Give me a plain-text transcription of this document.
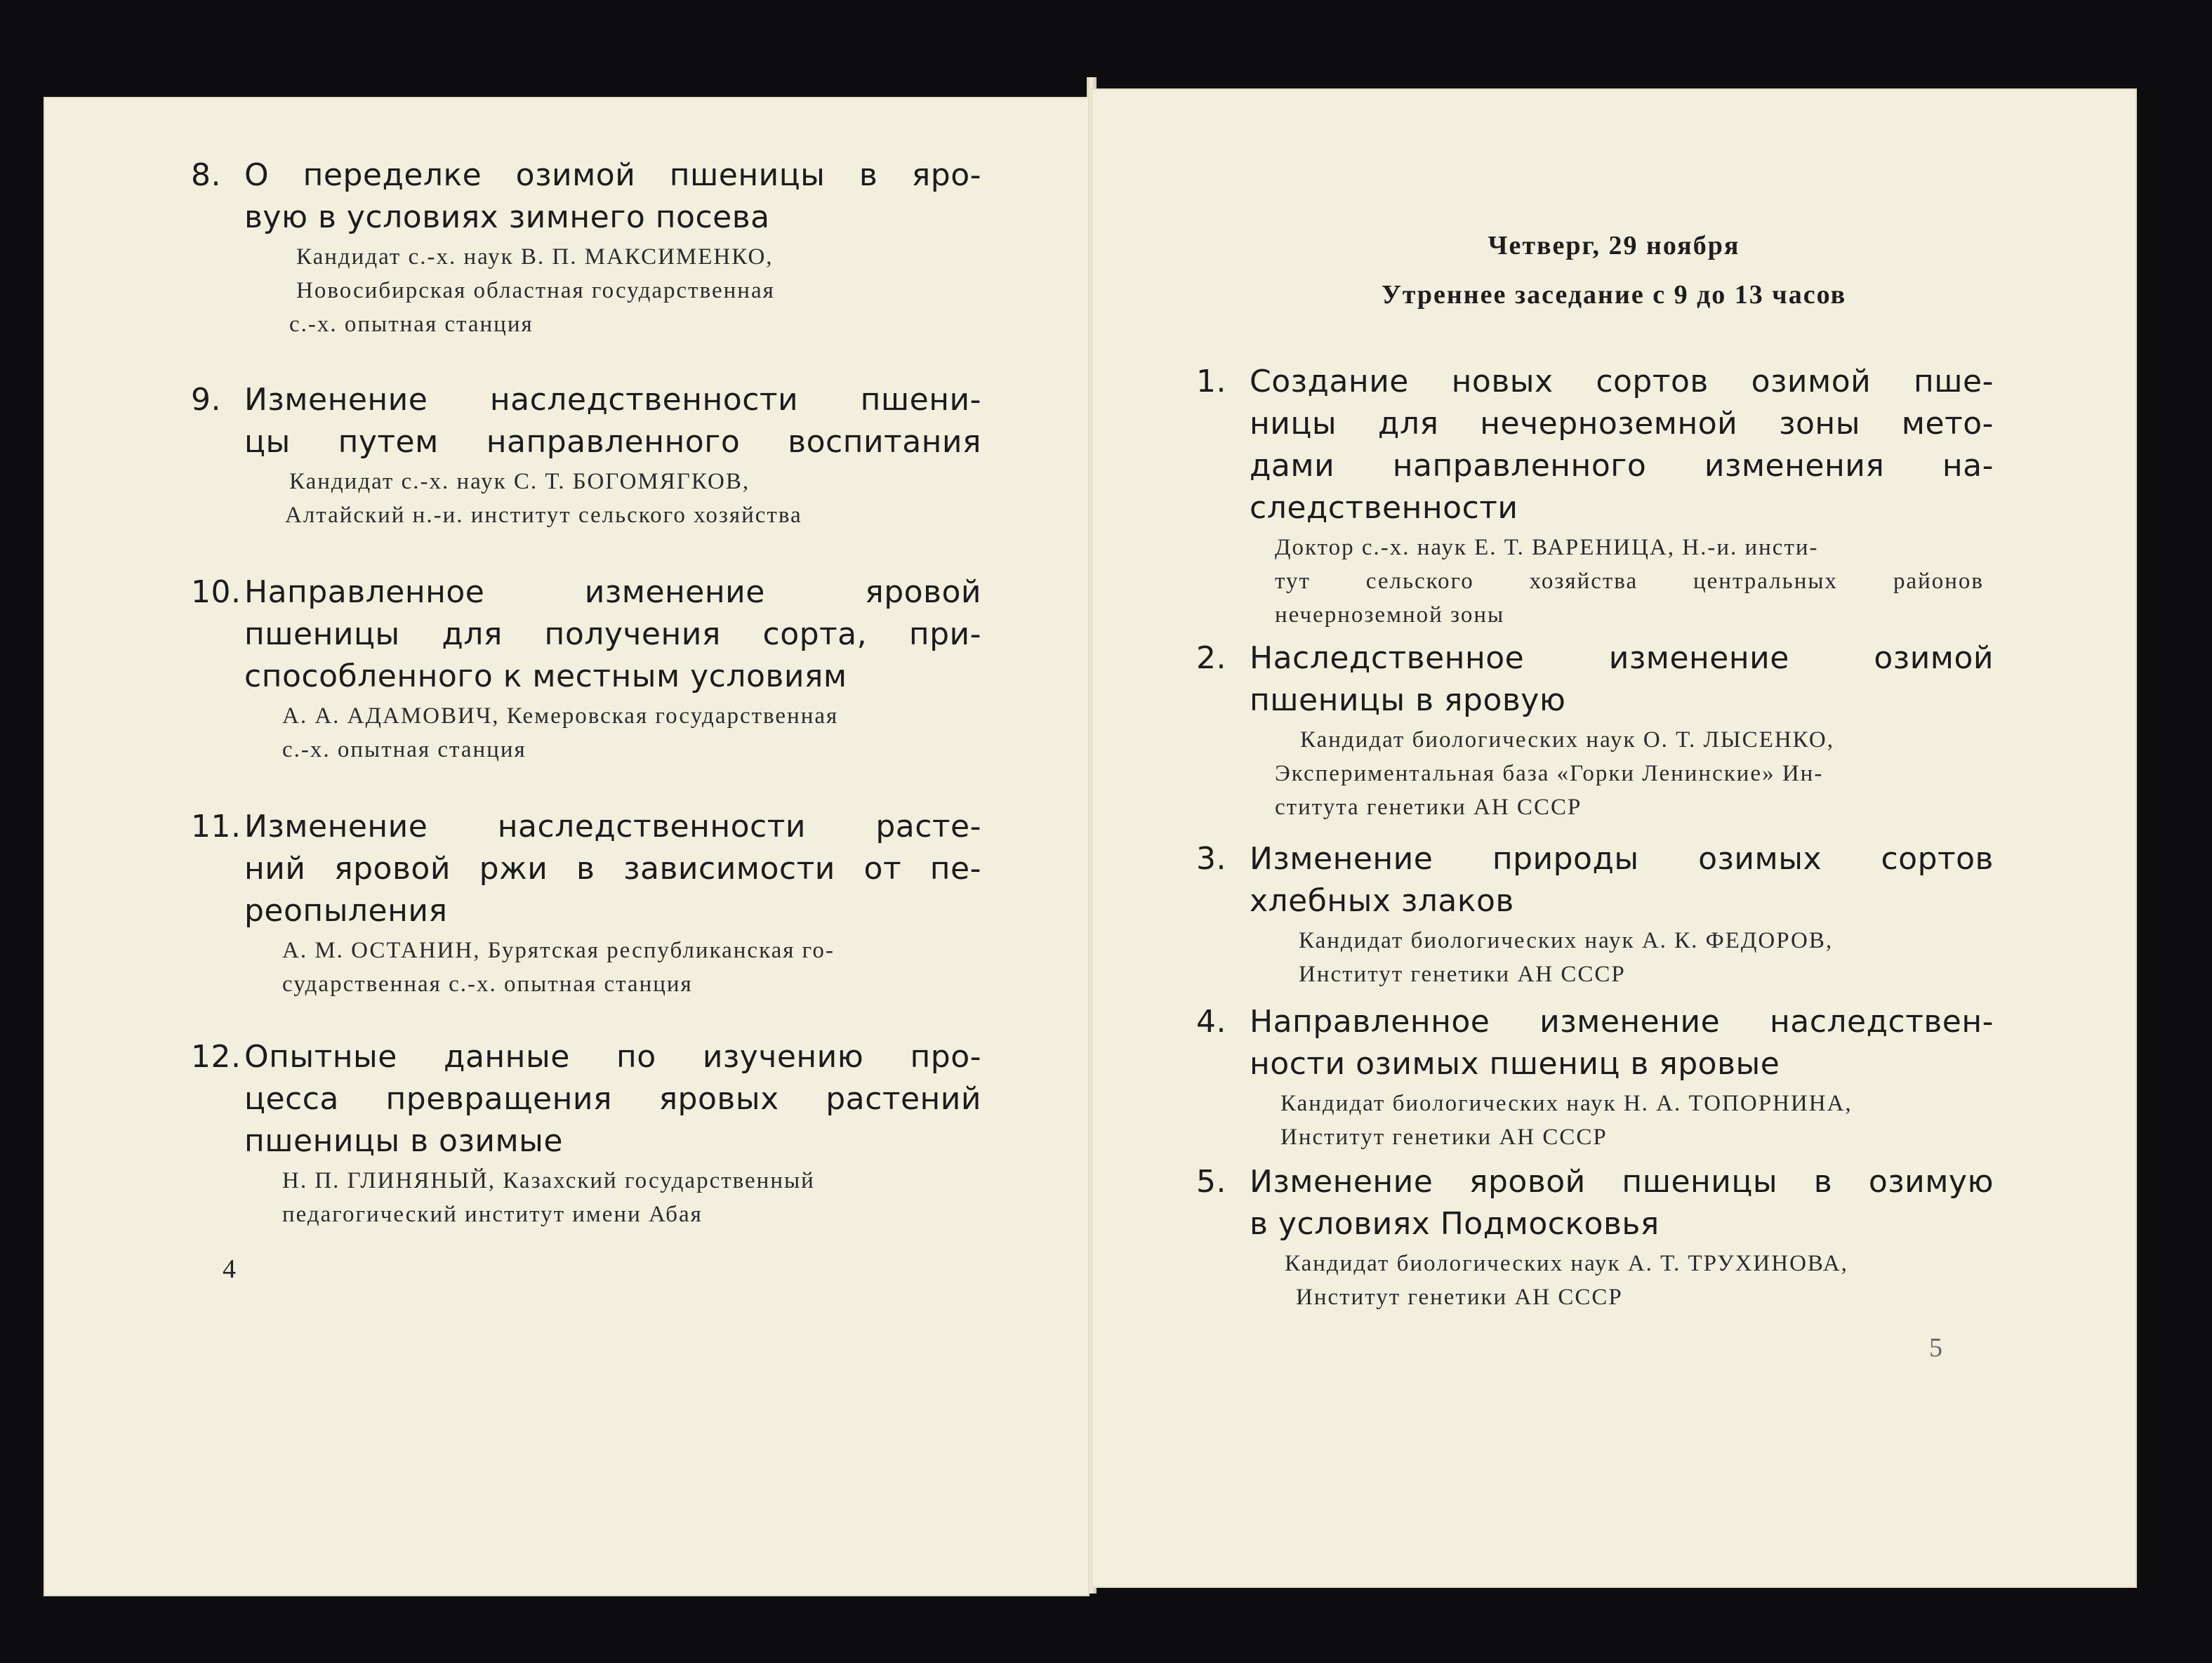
8. О переделке озимой пшеницы в яро-

вую в условиях зимнего посева

Кандидат с.-х. наук В. П. МАКСИМЕНКО,

Новосибирская областная государственная

с.-х. опытная станция

9. Изменение наследственности пшени-

цы путем направленного воспитания

Кандидат с.-х. наук С. Т. БОГОМЯГКОВ,

Алтайский н.-и. институт сельского хозяйства

10. Направленное изменение яровой

пшеницы для получения сорта, при-

способленного к местным условиям

А. А. АДАМОВИЧ, Кемеровская государственная

с.-х. опытная станция

11. Изменение наследственности расте-

ний яровой ржи в зависимости от пе-

реопыления

А. М. ОСТАНИН, Бурятская республиканская го-

сударственная с.-х. опытная станция

12. Опытные данные по изучению про-

цесса превращения яровых растений

пшеницы в озимые

Н. П. ГЛИНЯНЫЙ, Казахский государственный

педагогический институт имени Абая

4
Четверг, 29 ноября
Утреннее заседание с 9 до 13 часов

1. Создание новых сортов озимой пше-

ницы для нечерноземной зоны мето-

дами направленного изменения на-

следственности

Доктор с.-х. наук Е. Т. ВАРЕНИЦА, Н.-и. инсти-

тут сельского хозяйства центральных районов

нечерноземной зоны

2. Наследственное изменение озимой

пшеницы в яровую

Кандидат биологических наук О. Т. ЛЫСЕНКО,

Экспериментальная база «Горки Ленинские» Ин-

ститута генетики АН СССР

3. Изменение природы озимых сортов

хлебных злаков

Кандидат биологических наук А. К. ФЕДОРОВ,

Институт генетики АН СССР

4. Направленное изменение наследствен-

ности озимых пшениц в яровые

Кандидат биологических наук Н. А. ТОПОРНИНА,

Институт генетики АН СССР

5. Изменение яровой пшеницы в озимую

в условиях Подмосковья

Кандидат биологических наук А. Т. ТРУХИНОВА,

Институт генетики АН СССР

5
